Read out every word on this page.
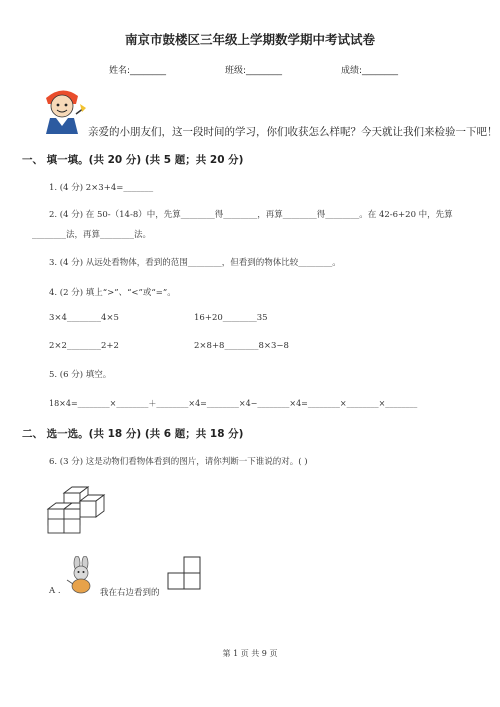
南京市鼓楼区三年级上学期数学期中考试试卷
姓名:________	班级:________	成绩:________
亲爱的小朋友们，这一段时间的学习，你们收获怎么样呢？今天就让我们来检验一下吧！
一、 填一填。(共 20 分) (共 5 题；共 20 分)
1. (4 分) 2×3+4=_______
2. (4 分) 在 50-（14-8）中，先算________得________，再算________得________。在 42-6+20 中，先算
________法，再算________法。
3. (4 分) 从远处看物体，看到的范围________，但看到的物体比较________。
4. (2 分) 填上“>”、“<”或“=”。
3×4________4×5	16+20________35
2×2________2+2	2×8+8________8×3−8
5. (6 分) 填空。
18×4=________×________＋________×4=________×4−________×4=________×________×________
二、 选一选。(共 18 分) (共 6 题；共 18 分)
6. (3 分) 这是动物们看物体看到的图片，请你判断一下谁说的对。( )
A .	我在右边看到的
第 1 页 共 9 页
